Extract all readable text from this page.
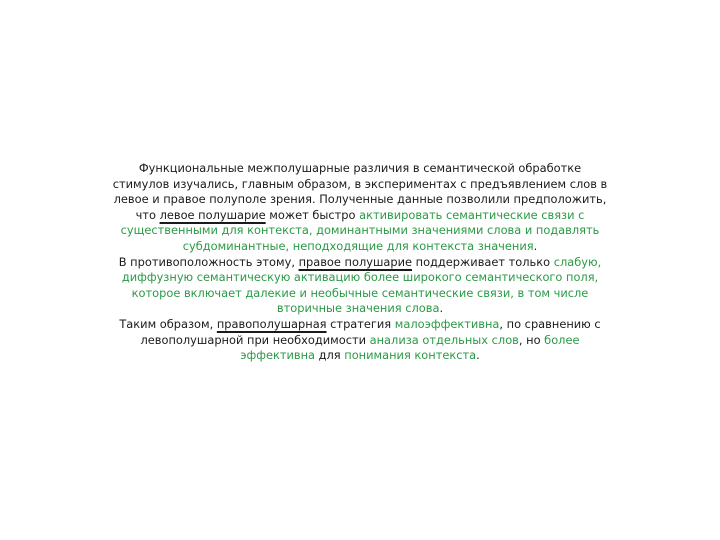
Функциональные межполушарные различия в семантической обработке стимулов изучались, главным образом, в экспериментах с предъявлением слов в левое и правое полуполе зрения. Полученные данные позволили предположить, что левое полушарие может быстро активировать семантические связи с существенными для контекста, доминантными значениями слова и подавлять субдоминантные, неподходящие для контекста значения.

В противоположность этому, правое полушарие поддерживает только слабую, диффузную семантическую активацию более широкого семантического поля, которое включает далекие и необычные семантические связи, в том числе вторичные значения слова.

Таким образом, правополушарная стратегия малоэффективна, по сравнению с левополушарной при необходимости анализа отдельных слов, но более эффективна для понимания контекста.
